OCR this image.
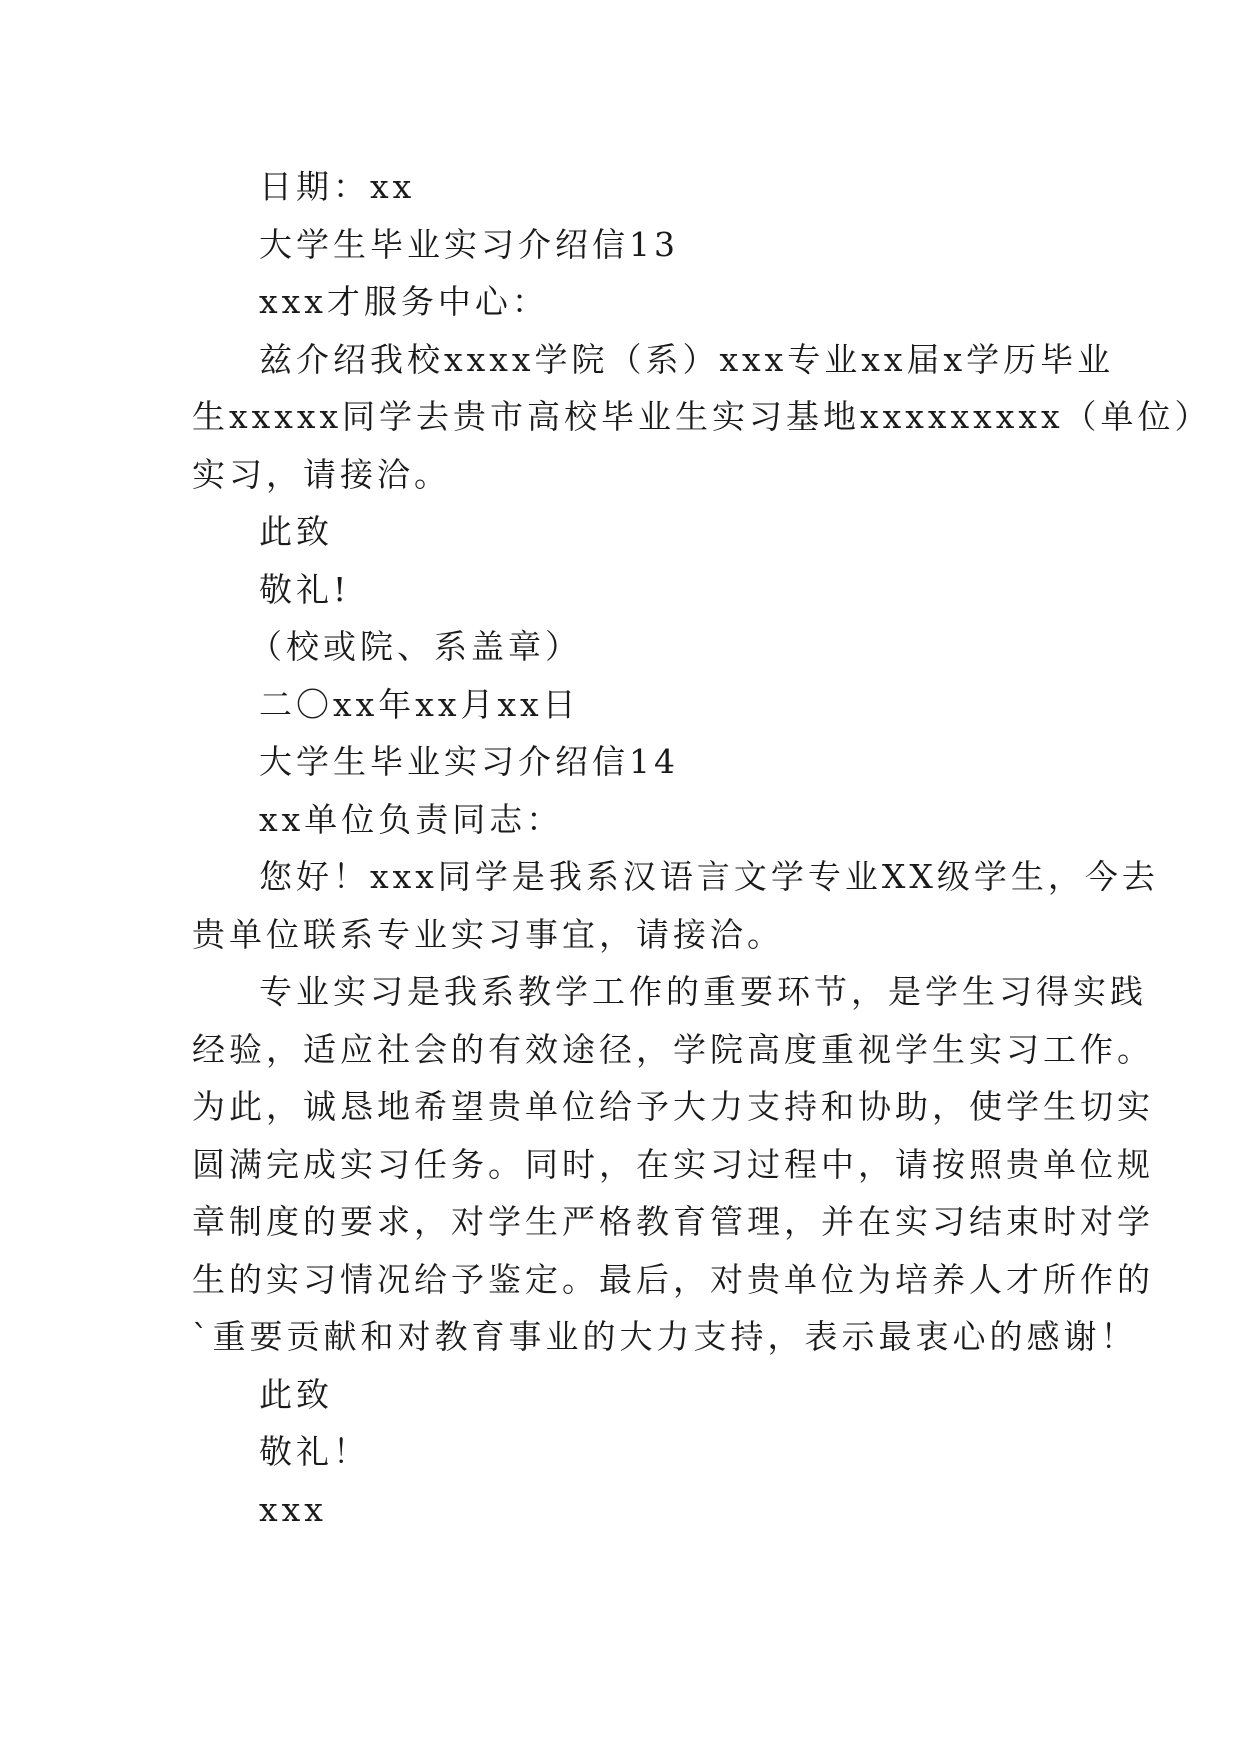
日期：xx
大学生毕业实习介绍信13
xxx才服务中心：
兹介绍我校xxxx学院（系）xxx专业xx届x学历毕业
生xxxxx同学去贵市高校毕业生实习基地xxxxxxxxx（单位）
实习，请接洽。
此致
敬礼!
（校或院、系盖章）
二〇xx年xx月xx日
大学生毕业实习介绍信14
xx单位负责同志：
您好！xxx同学是我系汉语言文学专业XX级学生，今去
贵单位联系专业实习事宜，请接洽。
专业实习是我系教学工作的重要环节，是学生习得实践
经验，适应社会的有效途径，学院高度重视学生实习工作。
为此，诚恳地希望贵单位给予大力支持和协助，使学生切实
圆满完成实习任务。同时，在实习过程中，请按照贵单位规
章制度的要求，对学生严格教育管理，并在实习结束时对学
生的实习情况给予鉴定。最后，对贵单位为培养人才所作的
`重要贡献和对教育事业的大力支持，表示最衷心的感谢！
此致
敬礼！
xxx
